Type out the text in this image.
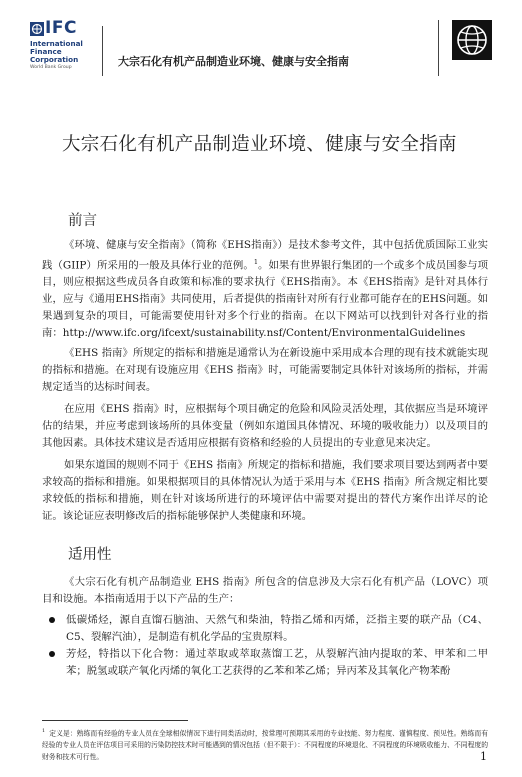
IFC
International
Finance
Corporation
World Bank Group	大宗石化有机产品制造业环境、健康与安全指南
大宗石化有机产品制造业环境、健康与安全指南
前言

《环境、健康与安全指南》（简称《EHS指南》）是技术参考文件，其中包括优质国际工业实践（GIIP）所采用的一般及具体行业的范例。$^1$。如果有世界银行集团的一个或多个成员国参与项目，则应根据这些成员各自政策和标准的要求执行《EHS指南》。本《EHS指南》是针对具体行业，应与《通用EHS指南》共同使用，后者提供的指南针对所有行业都可能存在的EHS问题。如果遇到复杂的项目，可能需要使用针对多个行业的指南。在以下网站可以找到针对各行业的指南：http://www.ifc.org/ifcext/sustainability.nsf/Content/EnvironmentalGuidelines

《EHS 指南》所规定的指标和措施是通常认为在新设施中采用成本合理的现有技术就能实现的指标和措施。在对现有设施应用《EHS 指南》时，可能需要制定具体针对该场所的指标，并需规定适当的达标时间表。

在应用《EHS 指南》时，应根据每个项目确定的危险和风险灵活处理，其依据应当是环境评估的结果，并应考虑到该场所的具体变量（例如东道国具体情况、环境的吸收能力）以及项目的其他因素。具体技术建议是否适用应根据有资格和经验的人员提出的专业意见来决定。

如果东道国的规则不同于《EHS 指南》所规定的指标和措施，我们要求项目要达到两者中要求较高的指标和措施。如果根据项目的具体情况认为适于采用与本《EHS 指南》所含规定相比要求较低的指标和措施，则在针对该场所进行的环境评估中需要对提出的替代方案作出详尽的论证。该论证应表明修改后的指标能够保护人类健康和环境。

适用性

《大宗石化有机产品制造业 EHS 指南》所包含的信息涉及大宗石化有机产品（LOVC）项目和设施。本指南适用于以下产品的生产：

低碳烯烃，源自直馏石脑油、天然气和柴油，特指乙烯和丙烯，泛指主要的联产品（C4、C5、裂解汽油），是制造有机化学品的宝贵原料。
芳烃，特指以下化合物：通过萃取或萃取蒸馏工艺，从裂解汽油内提取的苯、甲苯和二甲苯；脱氢或联产氧化丙烯的氧化工艺获得的乙苯和苯乙烯；异丙苯及其氧化产物苯酚

$^1$ 定义是：熟练而有经验的专业人员在全球相似情况下进行同类活动时，按常理可预期其采用的专业技能、努力程度、谨慎程度、预见性。熟练而有经验的专业人员在评估项目可采用的污染防控技术时可能遇到的情况包括（但不限于）：不同程度的环境退化、不同程度的环境吸收能力、不同程度的财务和技术可行性。	1
